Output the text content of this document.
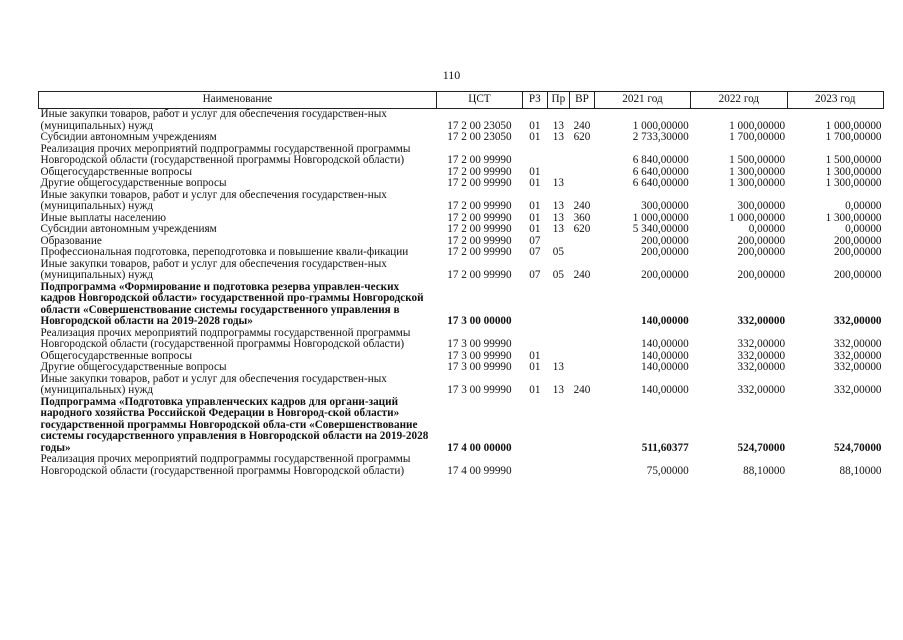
110
Наименование	ЦСТ	РЗ	Пр	ВР	2021 год	2022 год	2023 год
Иные закупки товаров, работ и услуг для обеспечения государствен-ных (муниципальных) нужд	17 2 00 23050	01	13	240	1 000,00000	1 000,00000	1 000,00000
Субсидии автономным учреждениям	17 2 00 23050	01	13	620	2 733,30000	1 700,00000	1 700,00000
Реализация прочих мероприятий подпрограммы государственной программы Новгородской области (государственной программы Новгородской области)	17 2 00 99990				6 840,00000	1 500,00000	1 500,00000
Общегосударственные вопросы	17 2 00 99990	01			6 640,00000	1 300,00000	1 300,00000
Другие общегосударственные вопросы	17 2 00 99990	01	13		6 640,00000	1 300,00000	1 300,00000
Иные закупки товаров, работ и услуг для обеспечения государствен-ных (муниципальных) нужд	17 2 00 99990	01	13	240	300,00000	300,00000	0,00000
Иные выплаты населению	17 2 00 99990	01	13	360	1 000,00000	1 000,00000	1 300,00000
Субсидии автономным учреждениям	17 2 00 99990	01	13	620	5 340,00000	0,00000	0,00000
Образование	17 2 00 99990	07			200,00000	200,00000	200,00000
Профессиональная подготовка, переподготовка и повышение квали-фикации	17 2 00 99990	07	05		200,00000	200,00000	200,00000
Иные закупки товаров, работ и услуг для обеспечения государствен-ных (муниципальных) нужд	17 2 00 99990	07	05	240	200,00000	200,00000	200,00000
Подпрограмма «Формирование и подготовка резерва управлен-ческих кадров Новгородской области» государственной про-граммы Новгородской области «Совершенствование системы государственного управления в Новгородской области на 2019-2028 годы»	17 3 00 00000				140,00000	332,00000	332,00000
Реализация прочих мероприятий подпрограммы государственной программы Новгородской области (государственной программы Новгородской области)	17 3 00 99990				140,00000	332,00000	332,00000
Общегосударственные вопросы	17 3 00 99990	01			140,00000	332,00000	332,00000
Другие общегосударственные вопросы	17 3 00 99990	01	13		140,00000	332,00000	332,00000
Иные закупки товаров, работ и услуг для обеспечения государствен-ных (муниципальных) нужд	17 3 00 99990	01	13	240	140,00000	332,00000	332,00000
Подпрограмма «Подготовка управленческих кадров для органи-заций народного хозяйства Российской Федерации в Новгород-ской области» государственной программы Новгородской обла-сти «Совершенствование системы государственного управления в Новгородской области на 2019-2028 годы»	17 4 00 00000				511,60377	524,70000	524,70000
Реализация прочих мероприятий подпрограммы государственной программы Новгородской области (государственной программы Новгородской области)	17 4 00 99990				75,00000	88,10000	88,10000
